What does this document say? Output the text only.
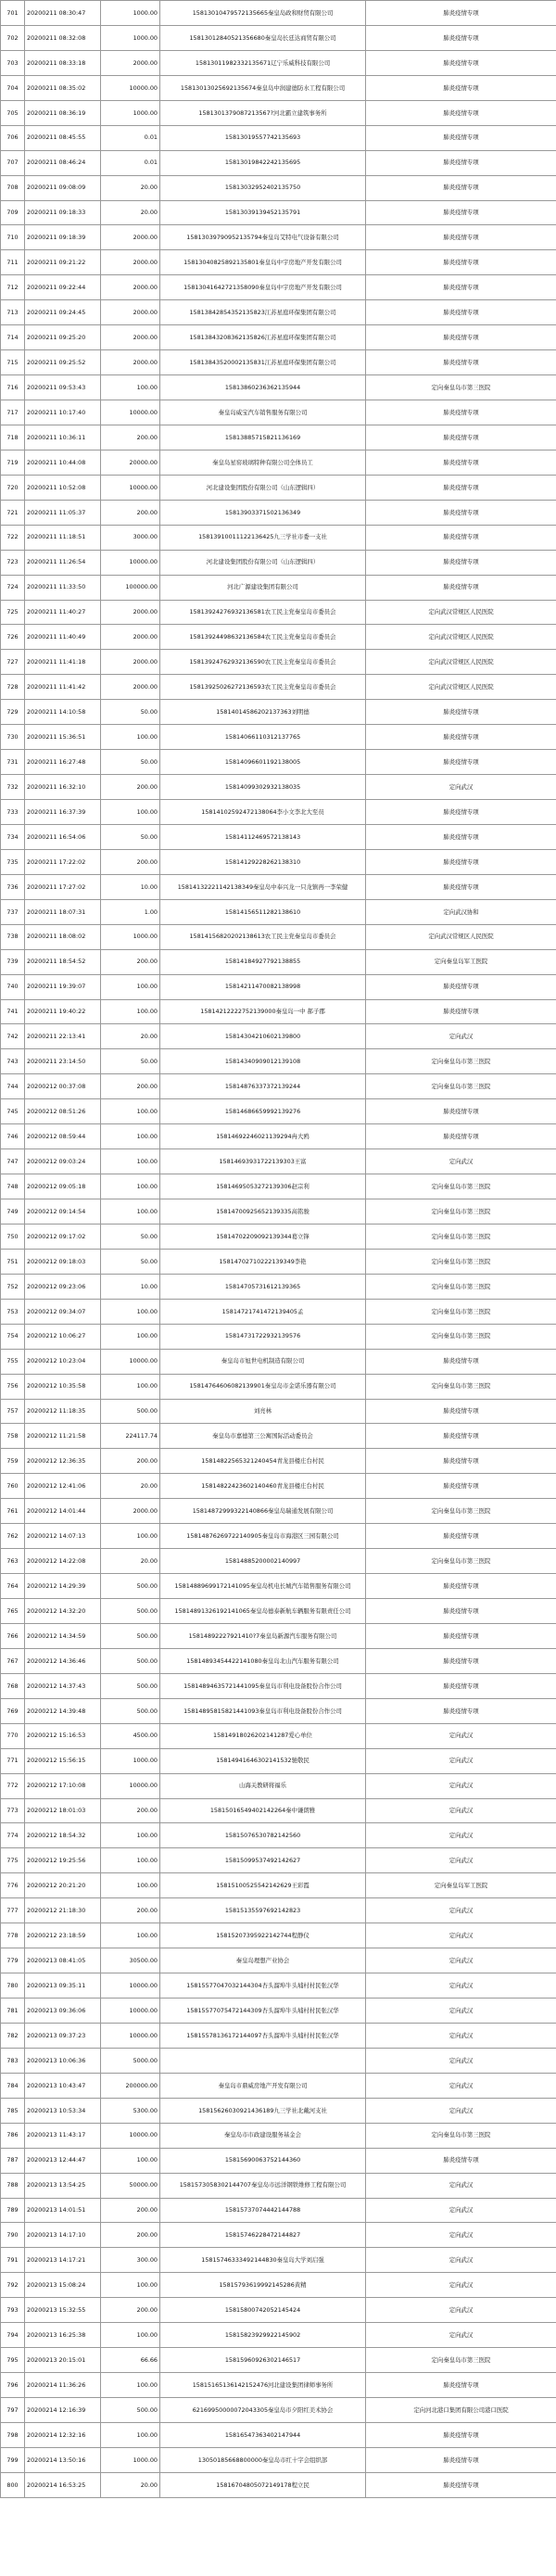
701	20200211 08:30:47	1000.00	15813010479572135665秦皇岛政和财贸有限公司	肺炎疫情专项
702	20200211 08:32:08	1000.00	15813012840521356680秦皇岛长廷达商贸有限公司	肺炎疫情专项
703	20200211 08:33:18	2000.00	15813011982332135671辽宁乐威科技有限公司	肺炎疫情专项
704	20200211 08:35:02	10000.00	15813013025692135674秦皇岛中润建德防水工程有限公司	肺炎疫情专项
705	20200211 08:36:19	1000.00	1581301379087213567?河北霸立建筑事务所	肺炎疫情专项
706	20200211 08:45:55	0.01	15813019557742135693	肺炎疫情专项
707	20200211 08:46:24	0.01	15813019842242135695	肺炎疫情专项
708	20200211 09:08:09	20.00	15813032952402135750	肺炎疫情专项
709	20200211 09:18:33	20.00	15813039139452135791	肺炎疫情专项
710	20200211 09:18:39	2000.00	15813039790952135794秦皇岛艾特电气设备有限公司	肺炎疫情专项
711	20200211 09:21:22	2000.00	15813040825892135801秦皇岛中宇房地产开发有限公司	肺炎疫情专项
712	20200211 09:22:44	2000.00	15813041642721358090秦皇岛中宇房地产开发有限公司	肺炎疫情专项
713	20200211 09:24:45	2000.00	15813842854352135823江苏星庭环保集团有限公司	肺炎疫情专项
714	20200211 09:25:20	2000.00	15813843208362135826江苏星庭环保集团有限公司	肺炎疫情专项
715	20200211 09:25:52	2000.00	15813843520002135831江苏星庭环保集团有限公司	肺炎疫情专项
716	20200211 09:53:43	100.00	15813860236362135944	定向秦皇岛市第三医院
717	20200211 10:17:40	10000.00	秦皇岛威宝汽车销售服务有限公司	肺炎疫情专项
718	20200211 10:36:11	200.00	15813885715821136169	肺炎疫情专项
719	20200211 10:44:08	20000.00	秦皇岛星窑玻璃特种有限公司全体员工	肺炎疫情专项
720	20200211 10:52:08	10000.00	河北建设集团股份有限公司（山东逻辑四）	肺炎疫情专项
721	20200211 11:05:37	200.00	15813903371502136349	肺炎疫情专项
722	20200211 11:18:51	3000.00	15813910011122136425九三学社市委一支社	肺炎疫情专项
723	20200211 11:26:54	10000.00	河北建设集团股份有限公司（山东逻辑四）	肺炎疫情专项
724	20200211 11:33:50	100000.00	河北广源建设集团有限公司	肺炎疫情专项
725	20200211 11:40:27	2000.00	15813924276932136581农工民主党秦皇岛市委员会	定向武汉常规区人民医院
726	20200211 11:40:49	2000.00	15813924498632136584农工民主党秦皇岛市委员会	定向武汉常规区人民医院
727	20200211 11:41:18	2000.00	15813924762932136590农工民主党秦皇岛市委员会	定向武汉常规区人民医院
728	20200211 11:41:42	2000.00	15813925026272136593农工民主党秦皇岛市委员会	定向武汉常规区人民医院
729	20200211 14:10:58	50.00	15814014586202137363刘明德	肺炎疫情专项
730	20200211 15:36:51	100.00	15814066110312137765	肺炎疫情专项
731	20200211 16:27:48	50.00	15814096601192138005	肺炎疫情专项
732	20200211 16:32:10	200.00	15814099302932138035	定向武汉
733	20200211 16:37:39	100.00	15814102592472138064李小文李北大至员	肺炎疫情专项
734	20200211 16:54:06	50.00	15814112469572138143	肺炎疫情专项
735	20200211 17:22:02	200.00	15814129228262138310	肺炎疫情专项
736	20200211 17:27:02	10.00	15814132221142138349秦皇岛中奉兴龙一只龙镇再一李荣健	肺炎疫情专项
737	20200211 18:07:31	1.00	15814156511282138610	定向武汉协和
738	20200211 18:08:02	1000.00	15814156820202138613农工民主党秦皇岛市委员会	定向武汉常规区人民医院
739	20200211 18:54:52	200.00	15814184927792138855	定向秦皇岛军工医院
740	20200211 19:39:07	100.00	15814211470082138998	肺炎疫情专项
741	20200211 19:40:22	100.00	15814212222752139000秦皇岛一中 郝子郡	肺炎疫情专项
742	20200211 22:13:41	20.00	15814304210602139800	定向武汉
743	20200211 23:14:50	50.00	15814340909012139108	定向秦皇岛市第三医院
744	20200212 00:37:08	200.00	15814876337372139244	定向秦皇岛市第三医院
745	20200212 08:51:26	100.00	15814686659992139276	肺炎疫情专项
746	20200212 08:59:44	100.00	15814692246021139294冉大鸥	肺炎疫情专项
747	20200212 09:03:24	100.00	15814693931722139303王富	定向武汉
748	20200212 09:05:18	100.00	15814695053272139306赵宗利	定向秦皇岛市第三医院
749	20200212 09:14:54	100.00	15814700925652139335高铭骏	定向秦皇岛市第三医院
750	20200212 09:17:02	50.00	15814702209092139344葛立锋	定向秦皇岛市第三医院
751	20200212 09:18:03	50.00	15814702710222139349李艳	定向秦皇岛市第三医院
752	20200212 09:23:06	10.00	15814705731612139365	定向秦皇岛市第三医院
753	20200212 09:34:07	100.00	15814721741472139405孟	定向秦皇岛市第三医院
754	20200212 10:06:27	100.00	15814731722932139576	定向秦皇岛市第三医院
755	20200212 10:23:04	10000.00	秦皇岛市旭世电机制造有限公司	肺炎疫情专项
756	20200212 10:35:58	100.00	15814764606082139901秦皇岛市金诺乐器有限公司	定向秦皇岛市第三医院
757	20200212 11:18:35	500.00	刘亮林	肺炎疫情专项
758	20200212 11:21:58	224117.74	秦皇岛市嘉德第三公寓国际活动委员会	肺炎疫情专项
759	20200212 12:36:35	200.00	15814822565321240454青龙县楼庄台村民	肺炎疫情专项
760	20200212 12:41:06	20.00	15814822423602140460青龙县楼庄台村民	肺炎疫情专项
761	20200212 14:01:44	2000.00	15814872999322140866秦皇岛瑞通发展有限公司	定向秦皇岛市第三医院
762	20200212 14:07:13	100.00	15814876269722140905秦皇岛市海港区三园有限公司	肺炎疫情专项
763	20200212 14:22:08	20.00	15814885200002140997	定向秦皇岛市第三医院
764	20200212 14:29:39	500.00	15814889699172141095秦皇岛机电长城汽车销售服务有限公司	肺炎疫情专项
765	20200212 14:32:20	500.00	15814891326192141065秦皇岛德泰新航车辆服务有限责任公司	肺炎疫情专项
766	20200212 14:34:59	500.00	15814892227921410?7秦皇岛新源汽车服务有限公司	肺炎疫情专项
767	20200212 14:36:46	500.00	15814893454422141080秦皇岛北山汽车服务有限公司	肺炎疫情专项
768	20200212 14:37:43	500.00	15814894635721441095秦皇岛市利电设备股份合作公司	肺炎疫情专项
769	20200212 14:39:48	500.00	15814895815821441093秦皇岛市利电设备股份合作公司	肺炎疫情专项
770	20200212 15:16:53	4500.00	15814918026202141287爱心单位	定向武汉
771	20200212 15:56:15	1000.00	15814941646302141532驰敬民	定向武汉
772	20200212 17:10:08	10000.00	山海关教研将福乐	定向武汉
773	20200212 18:01:03	200.00	15815016549402142264秦中谦朗雅	定向武汉
774	20200212 18:54:32	100.00	15815076530782142560	定向武汉
775	20200212 19:25:56	100.00	15815099537492142627	定向武汉
776	20200212 20:21:20	100.00	15815100525542142629王彩霞	定向秦皇岛军工医院
777	20200212 21:18:30	200.00	15815135597692142823	定向武汉
778	20200212 23:18:59	100.00	15815207395922142744程静仪	定向武汉
779	20200213 08:41:05	30500.00	秦皇岛理想产业协会	定向武汉
780	20200213 09:35:11	10000.00	15815577047032144304杏头溜埠牛头埔村村民张汉华	定向武汉
781	20200213 09:36:06	10000.00	15815577075472144309杏头溜埠牛头埔村村民张汉华	定向武汉
782	20200213 09:37:23	10000.00	15815578136172144097杏头溜埠牛头埔村村民张汉华	定向武汉
783	20200213 10:06:36	5000.00		定向武汉
784	20200213 10:43:47	200000.00	秦皇岛市鼎威房地产开发有限公司	定向武汉
785	20200213 10:53:34	5300.00	15815626030921436189九三学社北戴河支社	定向武汉
786	20200213 11:43:17	10000.00	秦皇岛市市政建设服务基金会	定向秦皇岛市第三医院
787	20200213 12:44:47	100.00	15815690063752144360	肺炎疫情专项
788	20200213 13:54:25	50000.00	1581573058302144707秦皇岛市远洋钢铁维修工程有限公司	定向武汉
789	20200213 14:01:51	200.00	15815737074442144788	定向武汉
790	20200213 14:17:10	200.00	15815746228472144827	定向武汉
791	20200213 14:17:21	300.00	15815746333492144830秦皇岛大学刘启强	定向武汉
792	20200213 15:08:24	100.00	15815793619992145286黄精	定向武汉
793	20200213 15:32:55	200.00	15815800742052145424	定向武汉
794	20200213 16:25:38	100.00	15815823929922145902	定向武汉
795	20200213 20:15:01	66.66	15815960926302146517	定向秦皇岛市第三医院
796	20200214 11:36:26	100.00	15815165136142152476河北建设集团律师事务所	肺炎疫情专项
797	20200214 12:16:39	500.00	62169950000072043305秦皇岛市夕阳红美术协会	定向河北港口集团有限公司港口医院
798	20200214 12:32:16	100.00	15816547363402147944	肺炎疫情专项
799	20200214 13:50:16	1000.00	13050185668800000秦皇岛市红十字会组织部	肺炎疫情专项
800	20200214 16:53:25	20.00	15816704805072149178程立民	肺炎疫情专项
